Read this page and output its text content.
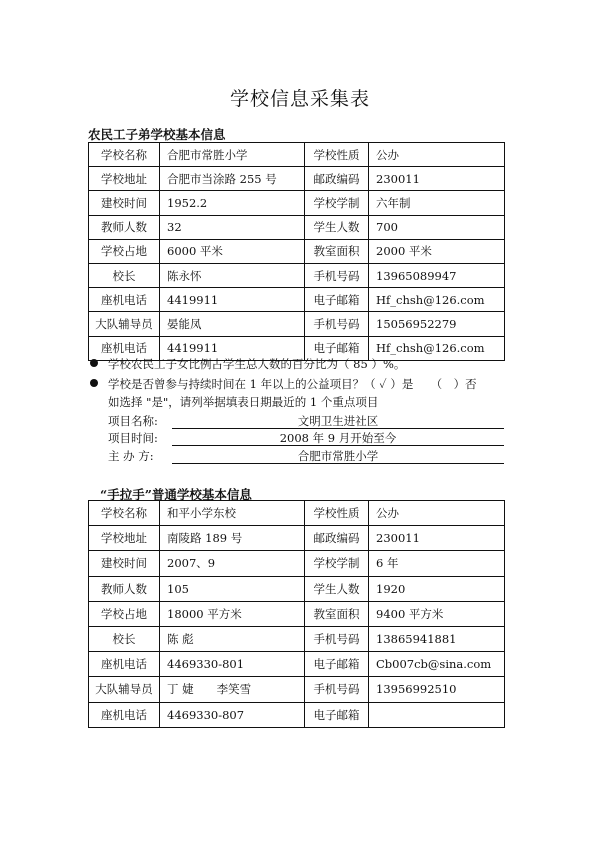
学校信息采集表
农民工子弟学校基本信息
学校名称	合肥市常胜小学	学校性质	公办
学校地址	合肥市当涂路 255 号	邮政编码	230011
建校时间	1952.2	学校学制	六年制
教师人数	32	学生人数	700
学校占地	6000 平米	教室面积	2000 平米
校长	陈永怀	手机号码	13965089947
座机电话	4419911	电子邮箱	Hf_chsh@126.com
大队辅导员	晏能凤	手机号码	15056952279
座机电话	4419911	电子邮箱	Hf_chsh@126.com
学校农民工子女比例占学生总人数的百分比为（ 85 ）%。
学校是否曾参与持续时间在 1 年以上的公益项目？（ ✓ ）是　　（　）否
如选择 "是"，请列举据填表日期最近的 1 个重点项目
项目名称:	文明卫生进社区
项目时间:	2008 年 9 月开始至今
主 办 方:	合肥市常胜小学
“手拉手”普通学校基本信息
学校名称	和平小学东校	学校性质	公办
学校地址	南陵路 189 号	邮政编码	230011
建校时间	2007、9	学校学制	6 年
教师人数	105	学生人数	1920
学校占地	18000 平方米	教室面积	9400 平方米
校长	陈 彪	手机号码	13865941881
座机电话	4469330-801	电子邮箱	Cb007cb@sina.com
大队辅导员	丁 婕　　李笑雪	手机号码	13956992510
座机电话	4469330-807	电子邮箱	
